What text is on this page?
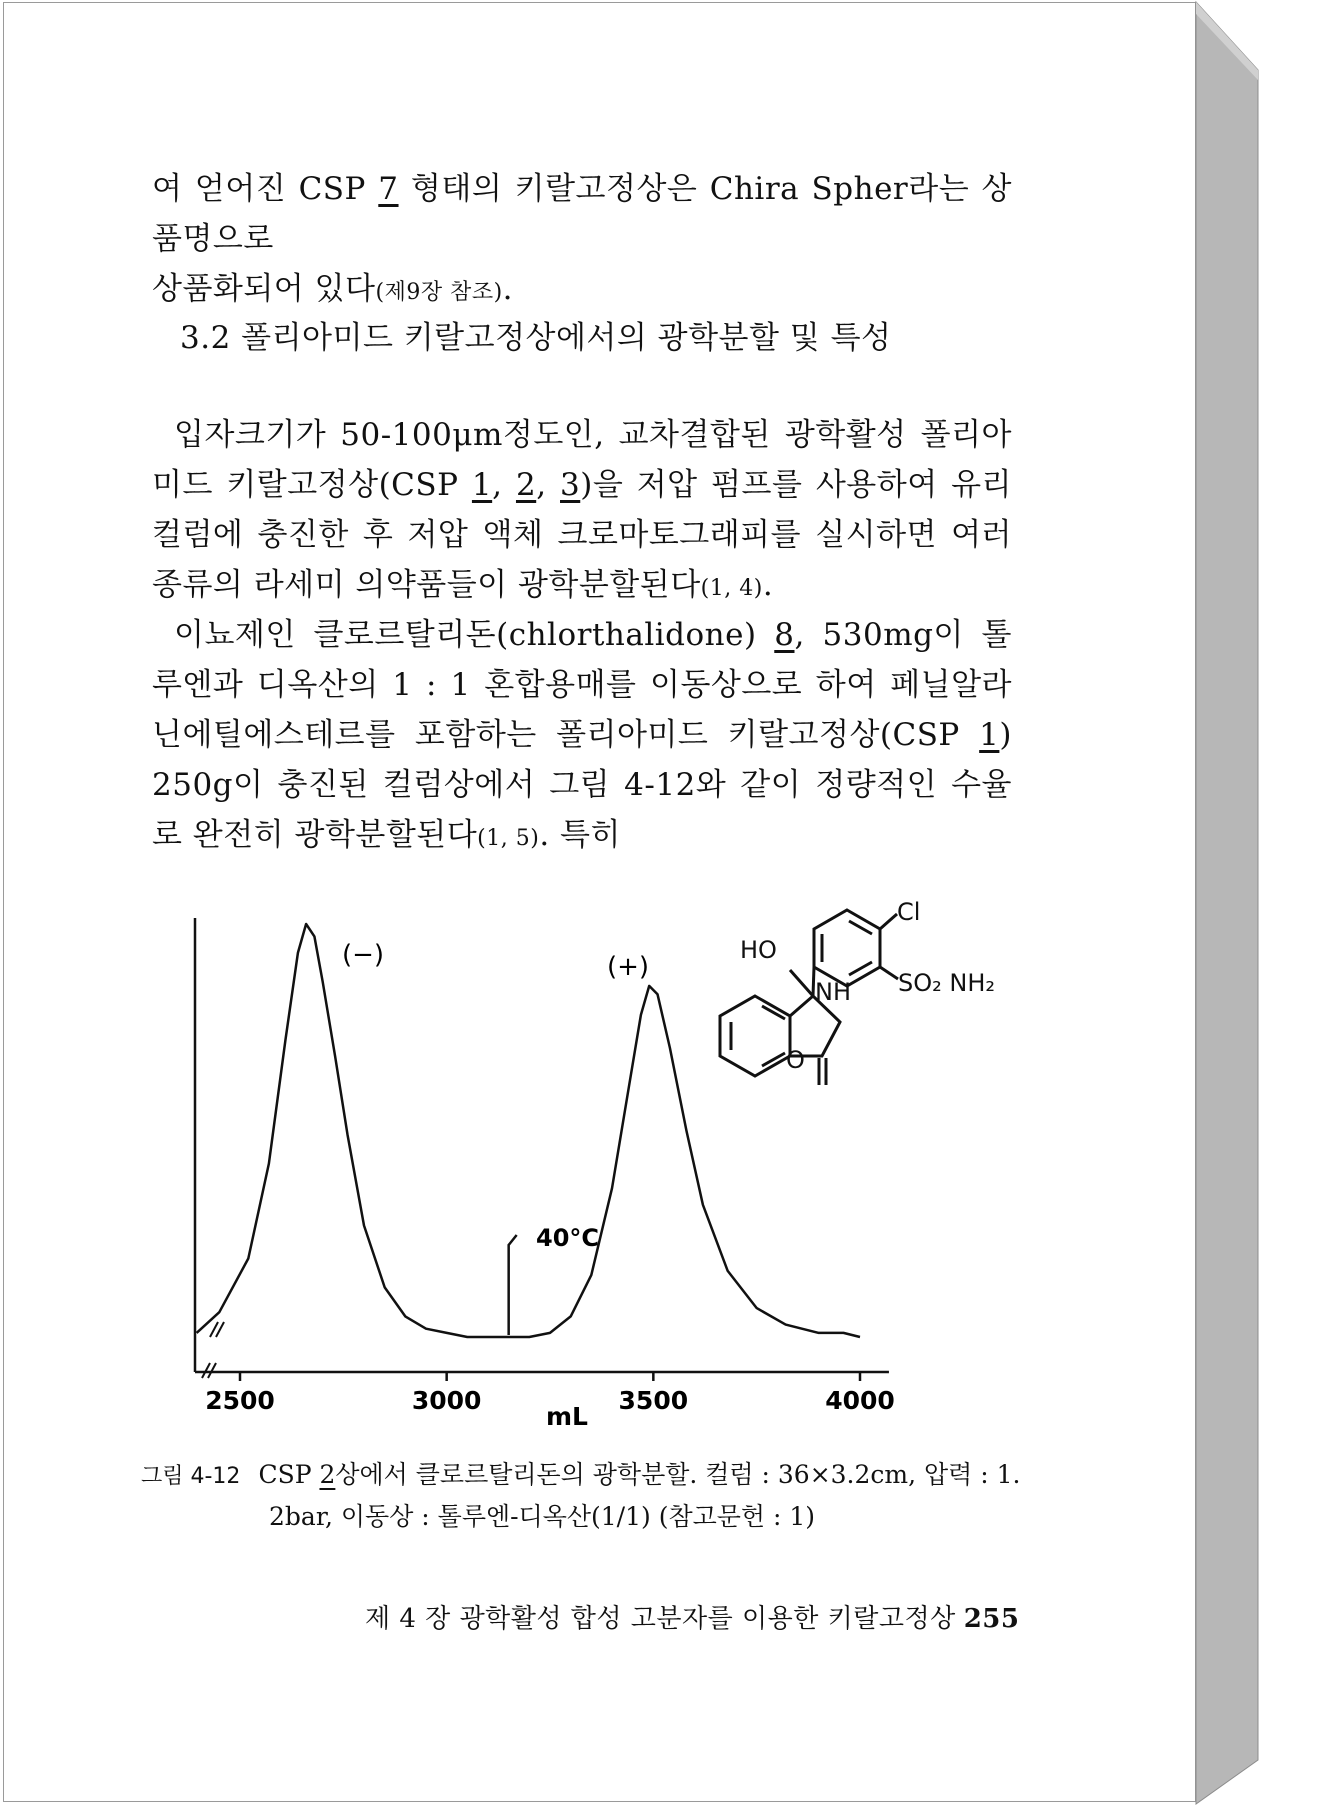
여 얻어진 CSP 7 형태의 키랄고정상은 Chira Spher라는 상품명으로
상품화되어 있다(제9장 참조).

3.2 폴리아미드 키랄고정상에서의 광학분할 및 특성

입자크기가 50-100μm정도인, 교차결합된 광학활성 폴리아미드 키랄고정상(CSP 1, 2, 3)을 저압 펌프를 사용하여 유리컬럼에 충진한 후 저압 액체 크로마토그래피를 실시하면 여러 종류의 라세미 의약품들이 광학분할된다(1, 4).

이뇨제인 클로르탈리돈(chlorthalidone) 8, 530mg이 톨루엔과 디옥산의 1 : 1 혼합용매를 이동상으로 하여 페닐알라닌에틸에스테르를 포함하는 폴리아미드 키랄고정상(CSP 1) 250g이 충진된 컬럼상에서 그림 4-12와 같이 정량적인 수율로 완전히 광학분할된다(1, 5). 특히

2500	3000	3500	4000
(−)	(+)
40°C
mL
Cl
HO
SO₂ NH₂
NH
O

그림 4-12 CSP 2상에서 클로르탈리돈의 광학분할. 컬럼 : 36×3.2cm, 압력 : 1.
2bar, 이동상 : 톨루엔-디옥산(1/1) (참고문헌 : 1)

제 4 장 광학활성 합성 고분자를 이용한 키랄고정상 255
